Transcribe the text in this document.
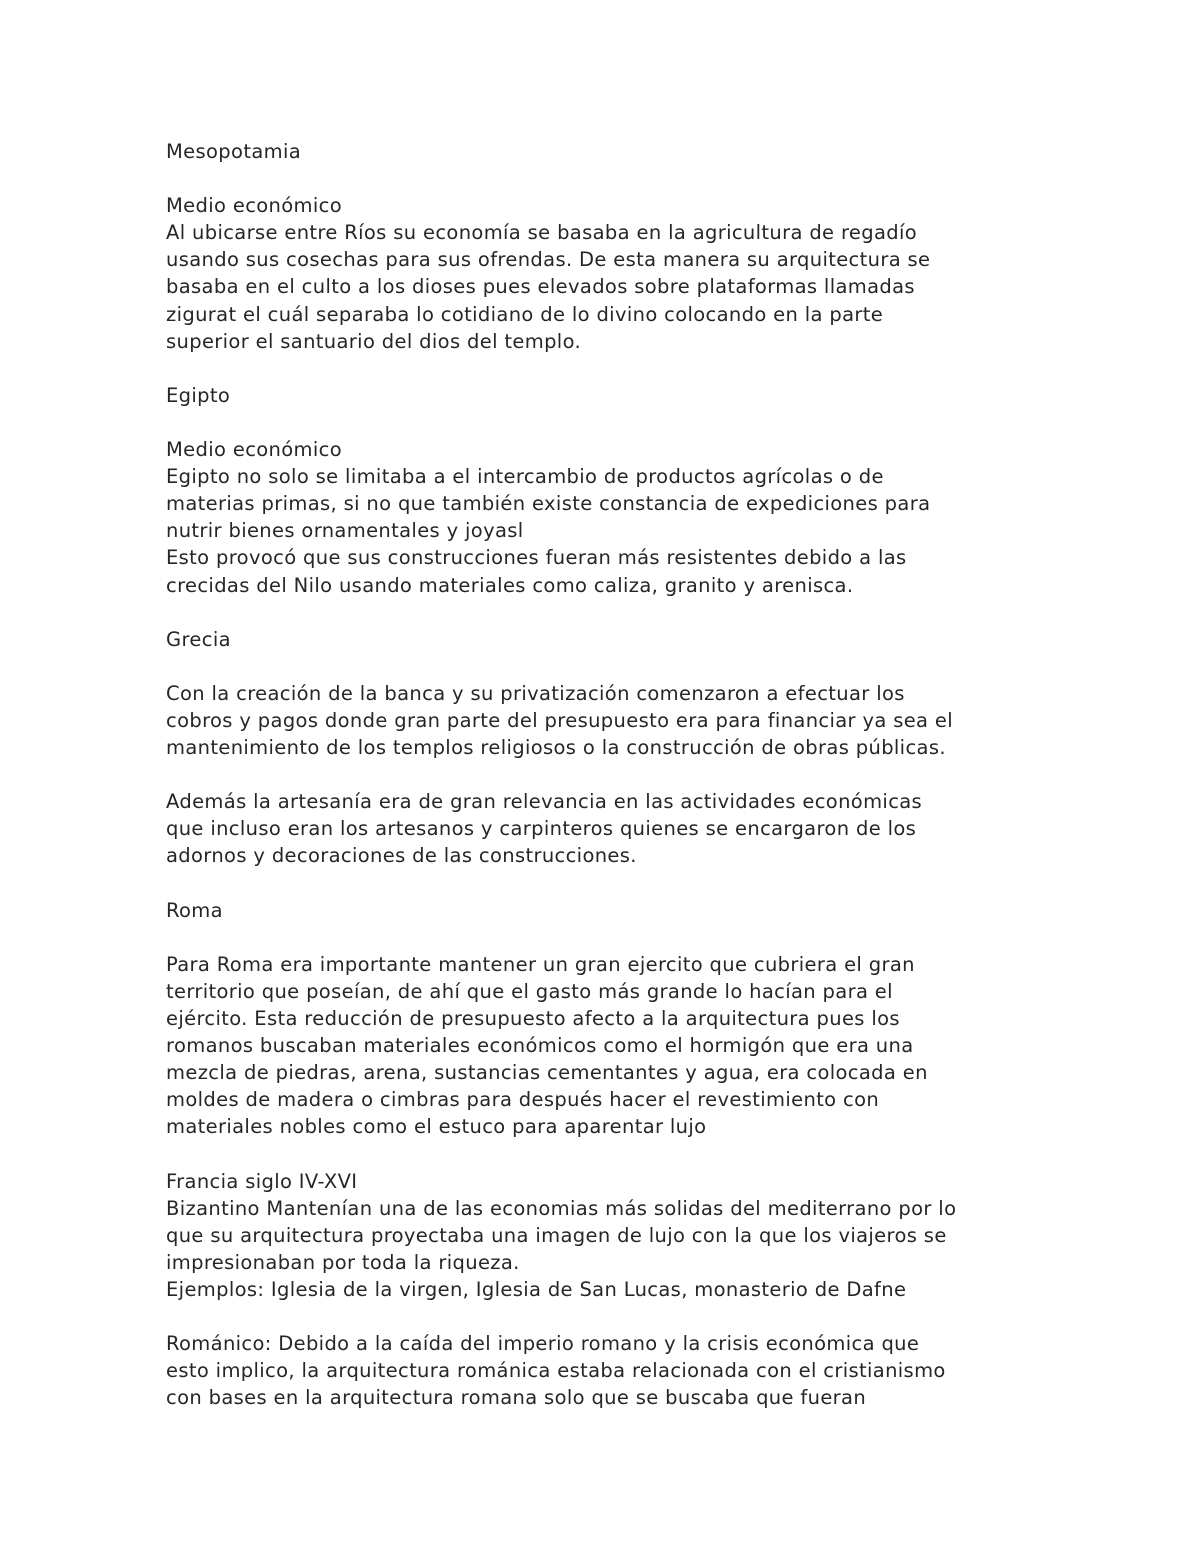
Mesopotamia
Medio económico
Al ubicarse entre Ríos su economía se basaba en la agricultura de regadío
usando sus cosechas para sus ofrendas. De esta manera su arquitectura se
basaba en el culto a los dioses pues elevados sobre plataformas llamadas
zigurat el cuál separaba lo cotidiano de lo divino colocando en la parte
superior el santuario del dios del templo.
Egipto
Medio económico
Egipto no solo se limitaba a el intercambio de productos agrícolas o de
materias primas, si no que también existe constancia de expediciones para
nutrir bienes ornamentales y joyasl
Esto provocó que sus construcciones fueran más resistentes debido a las
crecidas del Nilo usando materiales como caliza, granito y arenisca.
Grecia
Con la creación de la banca y su privatización comenzaron a efectuar los
cobros y pagos donde gran parte del presupuesto era para financiar ya sea el
mantenimiento de los templos religiosos o la construcción de obras públicas.
Además la artesanía era de gran relevancia en las actividades económicas
que incluso eran los artesanos y carpinteros quienes se encargaron de los
adornos y decoraciones de las construcciones.
Roma
Para Roma era importante mantener un gran ejercito que cubriera el gran
territorio que poseían, de ahí que el gasto más grande lo hacían para el
ejército. Esta reducción de presupuesto afecto a la arquitectura pues los
romanos buscaban materiales económicos como el hormigón que era una
mezcla de piedras, arena, sustancias cementantes y agua, era colocada en
moldes de madera o cimbras para después hacer el revestimiento con
materiales nobles como el estuco para aparentar lujo
Francia siglo IV-XVI
Bizantino Mantenían una de las economias más solidas del mediterrano por lo
que su arquitectura proyectaba una imagen de lujo con la que los viajeros se
impresionaban por toda la riqueza.
Ejemplos: Iglesia de la virgen, Iglesia de San Lucas, monasterio de Dafne
Románico: Debido a la caída del imperio romano y la crisis económica que
esto implico, la arquitectura románica estaba relacionada con el cristianismo
con bases en la arquitectura romana solo que se buscaba que fueran
